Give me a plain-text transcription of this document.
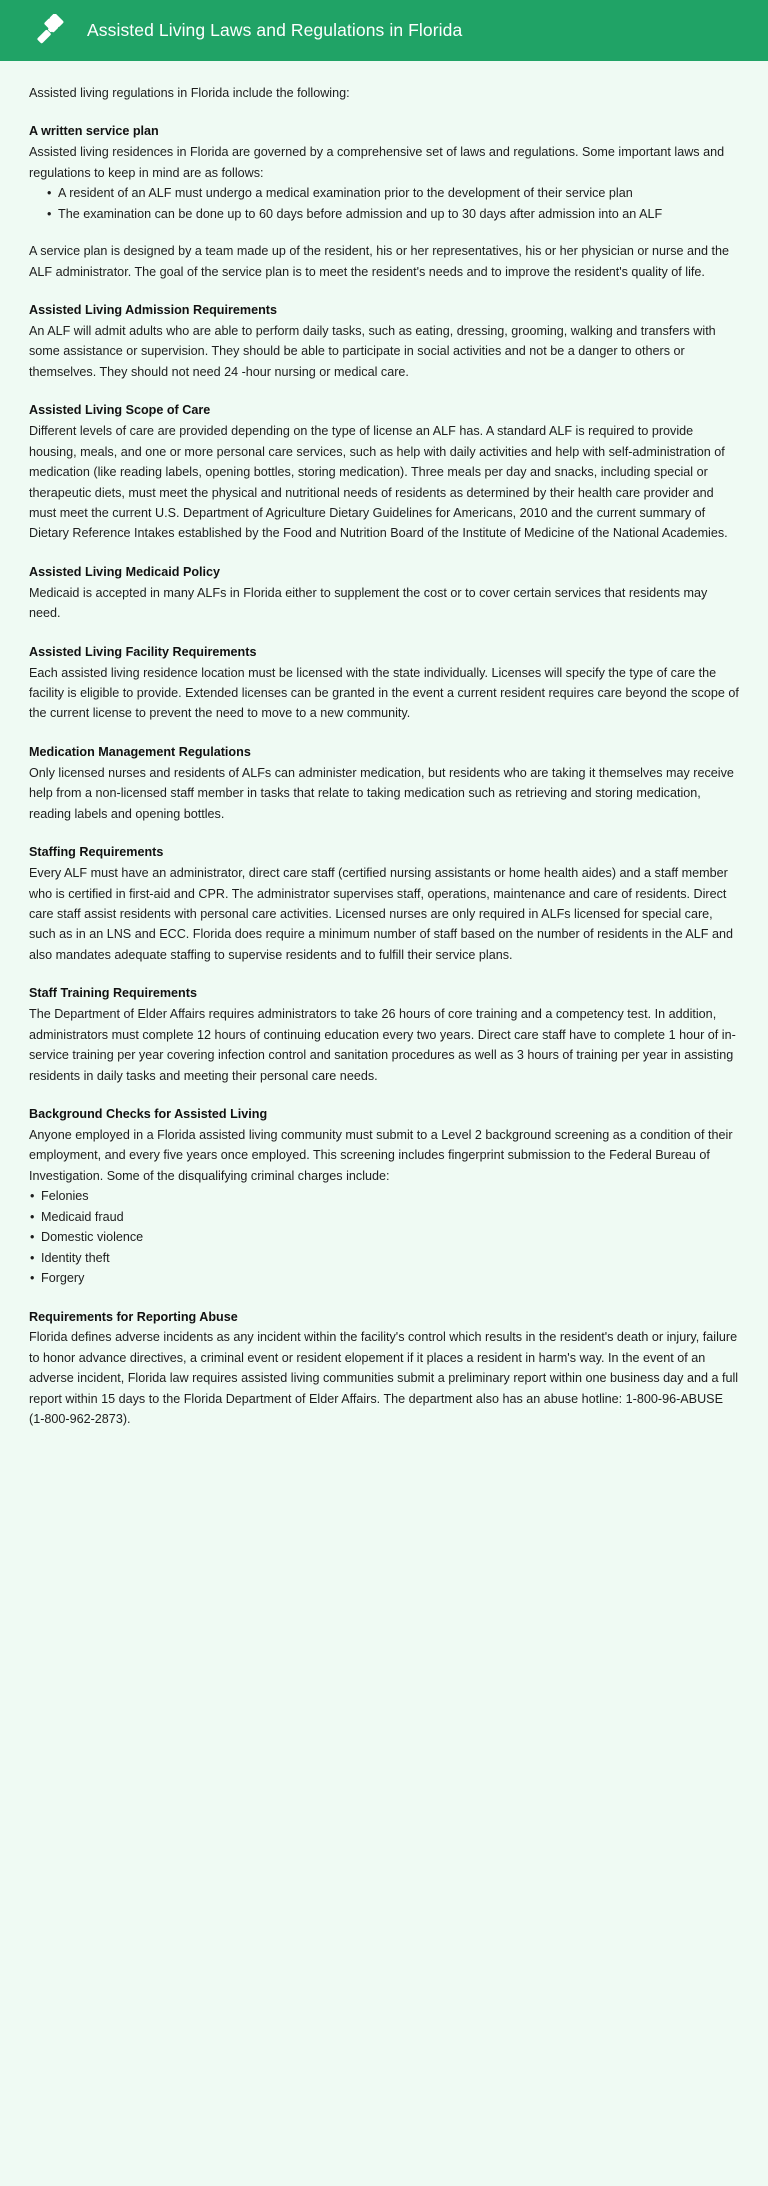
Assisted Living Laws and Regulations in Florida

Assisted living regulations in Florida include the following:

A written service plan

Assisted living residences in Florida are governed by a comprehensive set of laws and regulations. Some important laws and regulations to keep in mind are as follows:

• A resident of an ALF must undergo a medical examination prior to the development of their service plan
• The examination can be done up to 60 days before admission and up to 30 days after admission into an ALF

A service plan is designed by a team made up of the resident, his or her representatives, his or her physician or nurse and the ALF administrator. The goal of the service plan is to meet the resident's needs and to improve the resident's quality of life.

Assisted Living Admission Requirements

An ALF will admit adults who are able to perform daily tasks, such as eating, dressing, grooming, walking and transfers with some assistance or supervision. They should be able to participate in social activities and not be a danger to others or themselves. They should not need 24 -hour nursing or medical care.

Assisted Living Scope of Care

Different levels of care are provided depending on the type of license an ALF has. A standard ALF is required to provide housing, meals, and one or more personal care services, such as help with daily activities and help with self-administration of medication (like reading labels, opening bottles, storing medication). Three meals per day and snacks, including special or therapeutic diets, must meet the physical and nutritional needs of residents as determined by their health care provider and must meet the current U.S. Department of Agriculture Dietary Guidelines for Americans, 2010 and the current summary of Dietary Reference Intakes established by the Food and Nutrition Board of the Institute of Medicine of the National Academies.

Assisted Living Medicaid Policy

Medicaid is accepted in many ALFs in Florida either to supplement the cost or to cover certain services that residents may need.

Assisted Living Facility Requirements

Each assisted living residence location must be licensed with the state individually. Licenses will specify the type of care the facility is eligible to provide. Extended licenses can be granted in the event a current resident requires care beyond the scope of the current license to prevent the need to move to a new community.

Medication Management Regulations

Only licensed nurses and residents of ALFs can administer medication, but residents who are taking it themselves may receive help from a non-licensed staff member in tasks that relate to taking medication such as retrieving and storing medication, reading labels and opening bottles.

Staffing Requirements

Every ALF must have an administrator, direct care staff (certified nursing assistants or home health aides) and a staff member who is certified in first-aid and CPR. The administrator supervises staff, operations, maintenance and care of residents. Direct care staff assist residents with personal care activities. Licensed nurses are only required in ALFs licensed for special care, such as in an LNS and ECC. Florida does require a minimum number of staff based on the number of residents in the ALF and also mandates adequate staffing to supervise residents and to fulfill their service plans.

Staff Training Requirements

The Department of Elder Affairs requires administrators to take 26 hours of core training and a competency test. In addition, administrators must complete 12 hours of continuing education every two years. Direct care staff have to complete 1 hour of in-service training per year covering infection control and sanitation procedures as well as 3 hours of training per year in assisting residents in daily tasks and meeting their personal care needs.

Background Checks for Assisted Living

Anyone employed in a Florida assisted living community must submit to a Level 2 background screening as a condition of their employment, and every five years once employed. This screening includes fingerprint submission to the Federal Bureau of Investigation. Some of the disqualifying criminal charges include:

• Felonies
• Medicaid fraud
• Domestic violence
• Identity theft
• Forgery
Requirements for Reporting Abuse

Florida defines adverse incidents as any incident within the facility's control which results in the resident's death or injury, failure to honor advance directives, a criminal event or resident elopement if it places a resident in harm's way. In the event of an adverse incident, Florida law requires assisted living communities submit a preliminary report within one business day and a full report within 15 days to the Florida Department of Elder Affairs. The department also has an abuse hotline: 1-800-96-ABUSE (1-800-962-2873).
